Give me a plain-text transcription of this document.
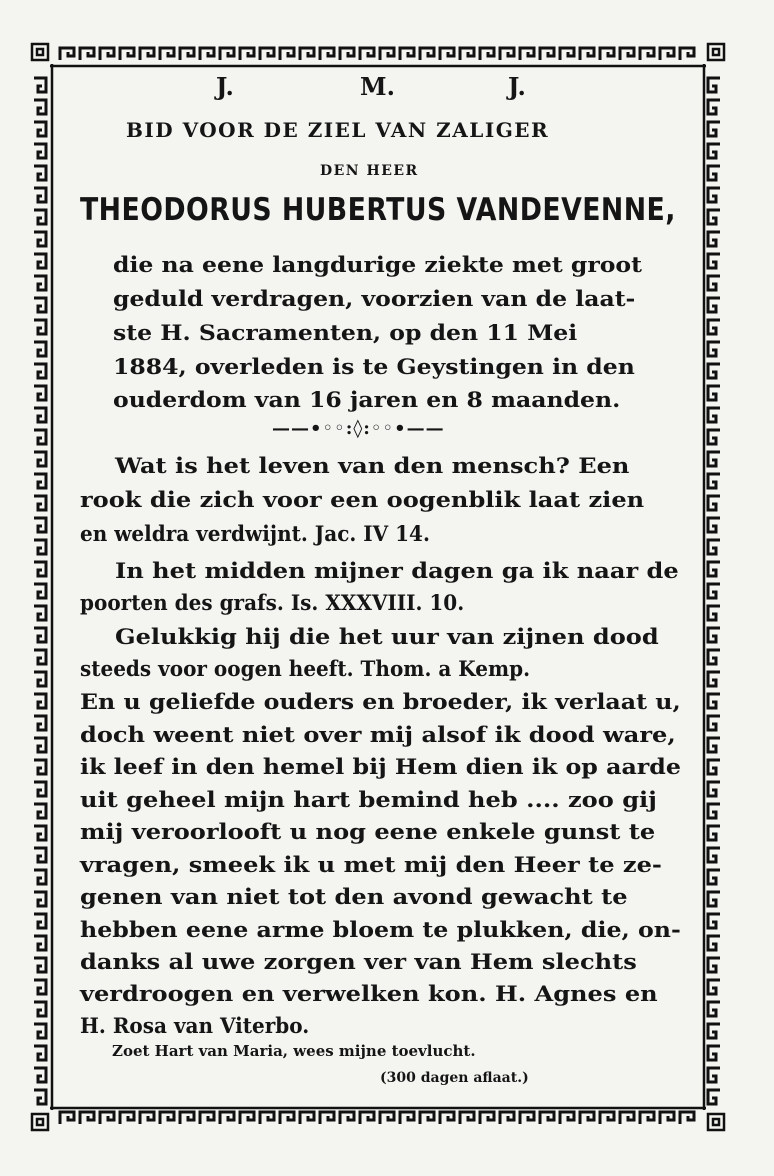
J.	M.	J.
BID VOOR DE ZIEL VAN ZALIGER
DEN HEER
THEODORUS HUBERTUS VANDEVENNE,
die na eene langdurige ziekte met groot
geduld verdragen, voorzien van de laat-
ste H. Sacramenten, op den 11 Mei
1884, overleden is te Geystingen in den
ouderdom van 16 jaren en 8 maanden.
——•◦◦:◊:◦◦•——
Wat is het leven van den mensch? Een
rook die zich voor een oogenblik laat zien
en weldra verdwijnt. Jac. IV 14.
In het midden mijner dagen ga ik naar de
poorten des grafs. Is. XXXVIII. 10.
Gelukkig hij die het uur van zijnen dood
steeds voor oogen heeft. Thom. a Kemp.
En u geliefde ouders en broeder, ik verlaat u,
doch weent niet over mij alsof ik dood ware,
ik leef in den hemel bij Hem dien ik op aarde
uit geheel mijn hart bemind heb .... zoo gij
mij veroorlooft u nog eene enkele gunst te
vragen, smeek ik u met mij den Heer te ze-
genen van niet tot den avond gewacht te
hebben eene arme bloem te plukken, die, on-
danks al uwe zorgen ver van Hem slechts
verdroogen en verwelken kon. H. Agnes en
H. Rosa van Viterbo.
Zoet Hart van Maria, wees mijne toevlucht.
(300 dagen aflaat.)
